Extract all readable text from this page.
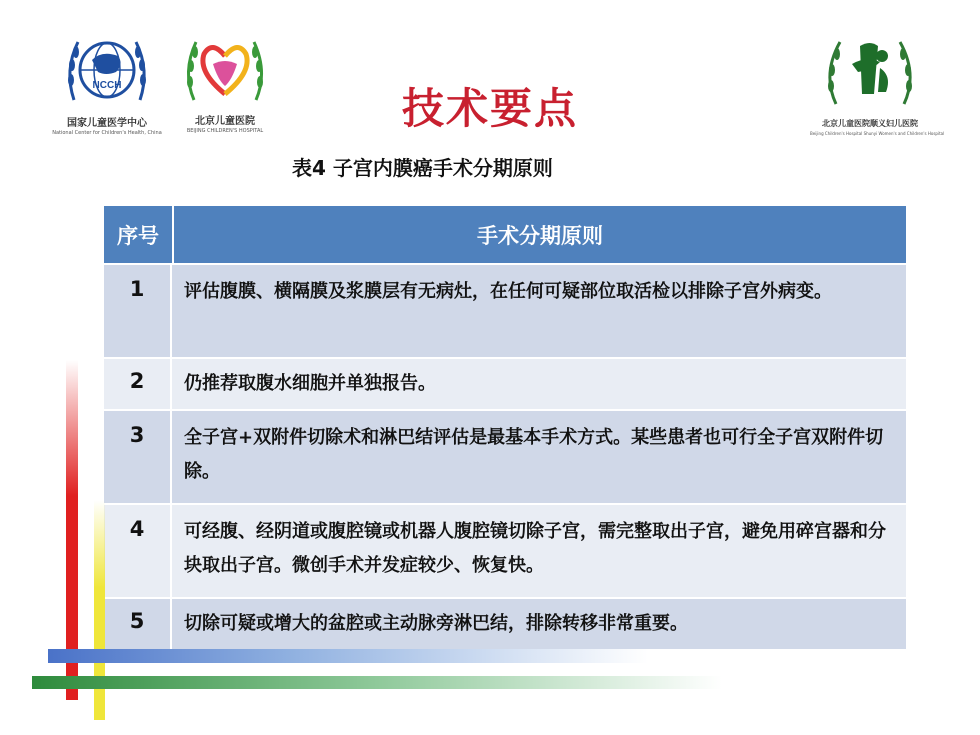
NCCH
国家儿童医学中心
National Center for Children's Health, China
北京儿童医院
BEIJING CHILDREN'S HOSPITAL
北京儿童医院顺义妇儿医院
Beijing Children's Hospital Shunyi Women's and Children's Hospital
技术要点
表4 子宫内膜癌手术分期原则
序号	手术分期原则
1	评估腹膜、横隔膜及浆膜层有无病灶，在任何可疑部位取活检以排除子宫外病变。
2	仍推荐取腹水细胞并单独报告。
3	全子宫+双附件切除术和淋巴结评估是最基本手术方式。某些患者也可行全子宫双附件切除。
4	可经腹、经阴道或腹腔镜或机器人腹腔镜切除子宫，需完整取出子宫，避免用碎宫器和分块取出子宫。微创手术并发症较少、恢复快。
5	切除可疑或增大的盆腔或主动脉旁淋巴结，排除转移非常重要。
